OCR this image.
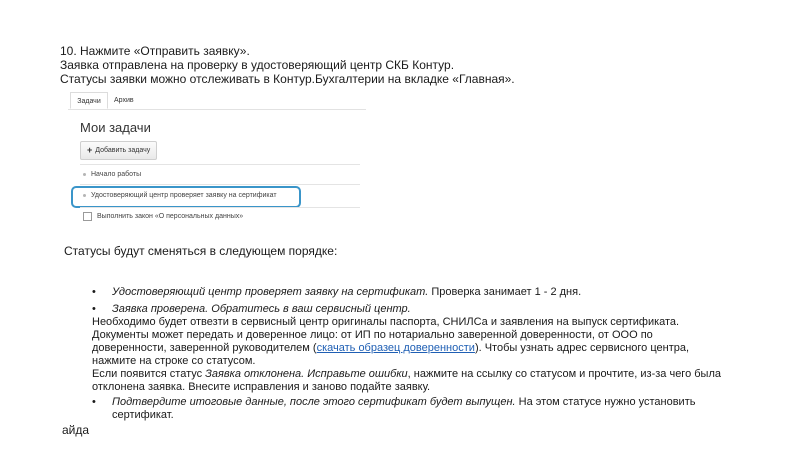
10. Нажмите «Отправить заявку».
Заявка отправлена на проверку в удостоверяющий центр СКБ Контур.
Статусы заявки можно отслеживать в Контур.Бухгалтерии на вкладке «Главная».
Задачи	Архив
Мои задачи
+ Добавить задачу
Начало работы
Удостоверяющий центр проверяет заявку на сертификат
Выполнить закон «О персональных данных»
Статусы будут сменяться в следующем порядке:
• Удостоверяющий центр проверяет заявку на сертификат. Проверка занимает 1 - 2 дня.
• Заявка проверена. Обратитесь в ваш сервисный центр.
Необходимо будет отвезти в сервисный центр оригиналы паспорта, СНИЛСа и заявления на выпуск сертификата.
Документы может передать и доверенное лицо: от ИП по нотариально заверенной доверенности, от ООО по
доверенности, заверенной руководителем (скачать образец доверенности). Чтобы узнать адрес сервисного центра,
нажмите на строке со статусом.
Если появится статус Заявка отклонена. Исправьте ошибки, нажмите на ссылку со статусом и прочтите, из-за чего была
отклонена заявка. Внесите исправления и заново подайте заявку.
• Подтвердите итоговые данные, после этого сертификат будет выпущен. На этом статусе нужно установить
сертификат.
айда
